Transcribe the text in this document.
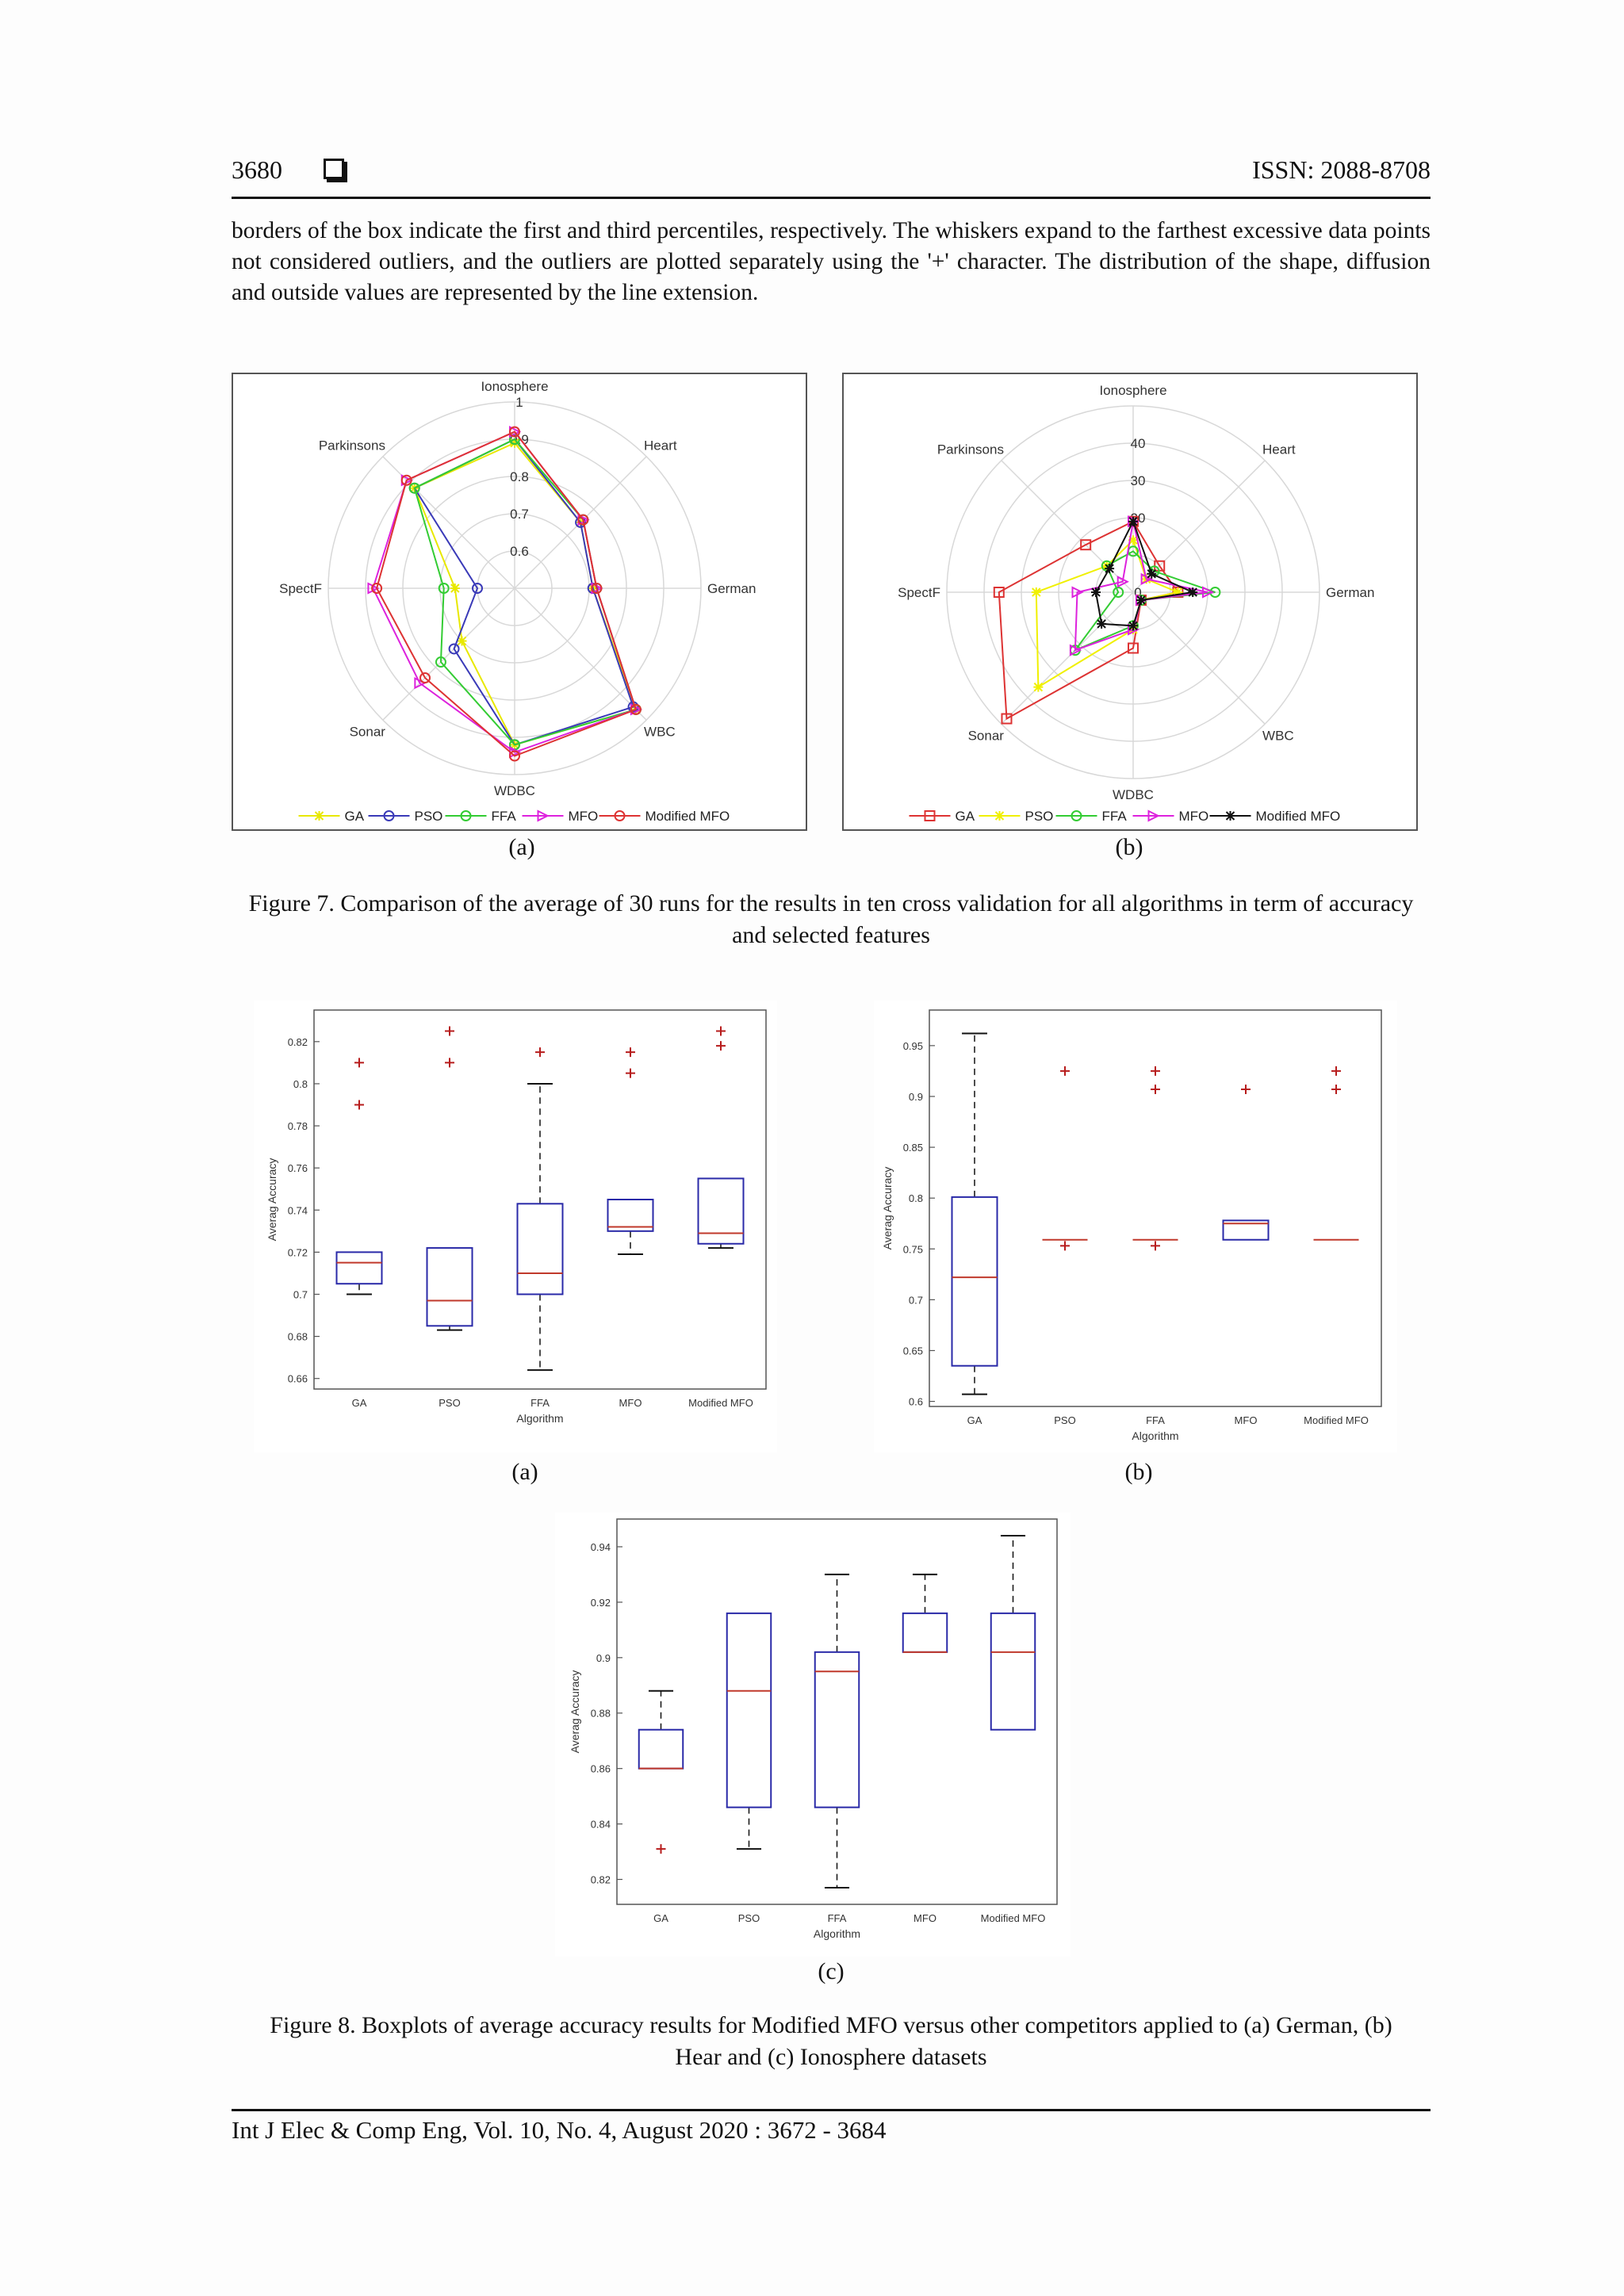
3680	ISSN: 2088-8708
borders of the box indicate the first and third percentiles, respectively. The whiskers expand to the farthest excessive data points not considered outliers, and the outliers are plotted separately using the '+' character. The distribution of the shape, diffusion and outside values are represented by the line extension.
Ionosphere
Heart
German
WBC
WDBC
Sonar
SpectF
Parkinsons
0.6
0.7
0.8
0.9
1
GA	PSO	FFA	MFO	Modified MFO
Ionosphere
Heart
German
WBC
WDBC
Sonar
SpectF
Parkinsons
0
20
30
40
GA	PSO	FFA	MFO	Modified MFO
(a)	(b)
Figure 7. Comparison of the average of 30 runs for the results in ten cross validation for all algorithms in term of accuracy and selected features
0.66
0.68
0.7
0.72
0.74
0.76
0.78
0.8
0.82
GA	PSO	FFA	MFO	Modified MFO
Algorithm
Averag Accuracy
0.6
0.65
0.7
0.75
0.8
0.85
0.9
0.95
GA	PSO	FFA	MFO	Modified MFO
Algorithm
Averag Accuracy
(a)	(b)
0.82
0.84
0.86
0.88
0.9
0.92
0.94
GA	PSO	FFA	MFO	Modified MFO
Algorithm
Averag Accuracy
(c)
Figure 8. Boxplots of average accuracy results for Modified MFO versus other competitors applied to (a) German, (b) Hear and (c) Ionosphere datasets
Int J Elec & Comp Eng, Vol. 10, No. 4, August 2020 : 3672 - 3684
